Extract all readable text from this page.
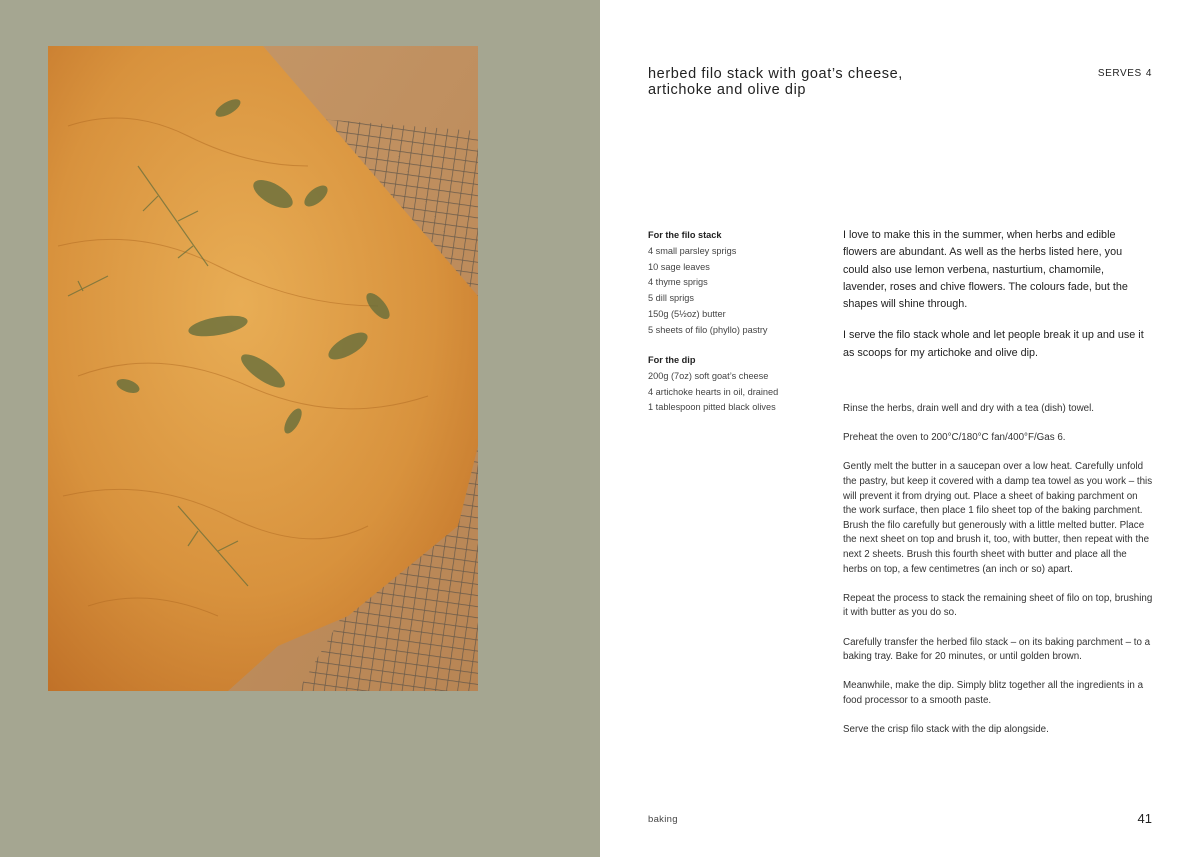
herbed filo stack with goat’s cheese,
artichoke and olive dip
SERVES 4
For the filo stack
4 small parsley sprigs
10 sage leaves
4 thyme sprigs
5 dill sprigs
150g (5½oz) butter
5 sheets of filo (phyllo) pastry
For the dip
200g (7oz) soft goat’s cheese
4 artichoke hearts in oil, drained
1 tablespoon pitted black olives

I love to make this in the summer, when herbs and edible flowers are abundant. As well as the herbs listed here, you could also use lemon verbena, nasturtium, chamomile, lavender, roses and chive flowers. The colours fade, but the shapes will shine through.

I serve the filo stack whole and let people break it up and use it as scoops for my artichoke and olive dip.

Rinse the herbs, drain well and dry with a tea (dish) towel.

Preheat the oven to 200°C/180°C fan/400°F/Gas 6.

Gently melt the butter in a saucepan over a low heat. Carefully unfold the pastry, but keep it covered with a damp tea towel as you work – this will prevent it from drying out. Place a sheet of baking parchment on the work surface, then place 1 filo sheet top of the baking parchment. Brush the filo carefully but generously with a little melted butter. Place the next sheet on top and brush it, too, with butter, then repeat with the next 2 sheets. Brush this fourth sheet with butter and place all the herbs on top, a few centimetres (an inch or so) apart.

Repeat the process to stack the remaining sheet of filo on top, brushing it with butter as you do so.

Carefully transfer the herbed filo stack – on its baking parchment – to a baking tray. Bake for 20 minutes, or until golden brown.

Meanwhile, make the dip. Simply blitz together all the ingredients in a food processor to a smooth paste.

Serve the crisp filo stack with the dip alongside.

baking	41
